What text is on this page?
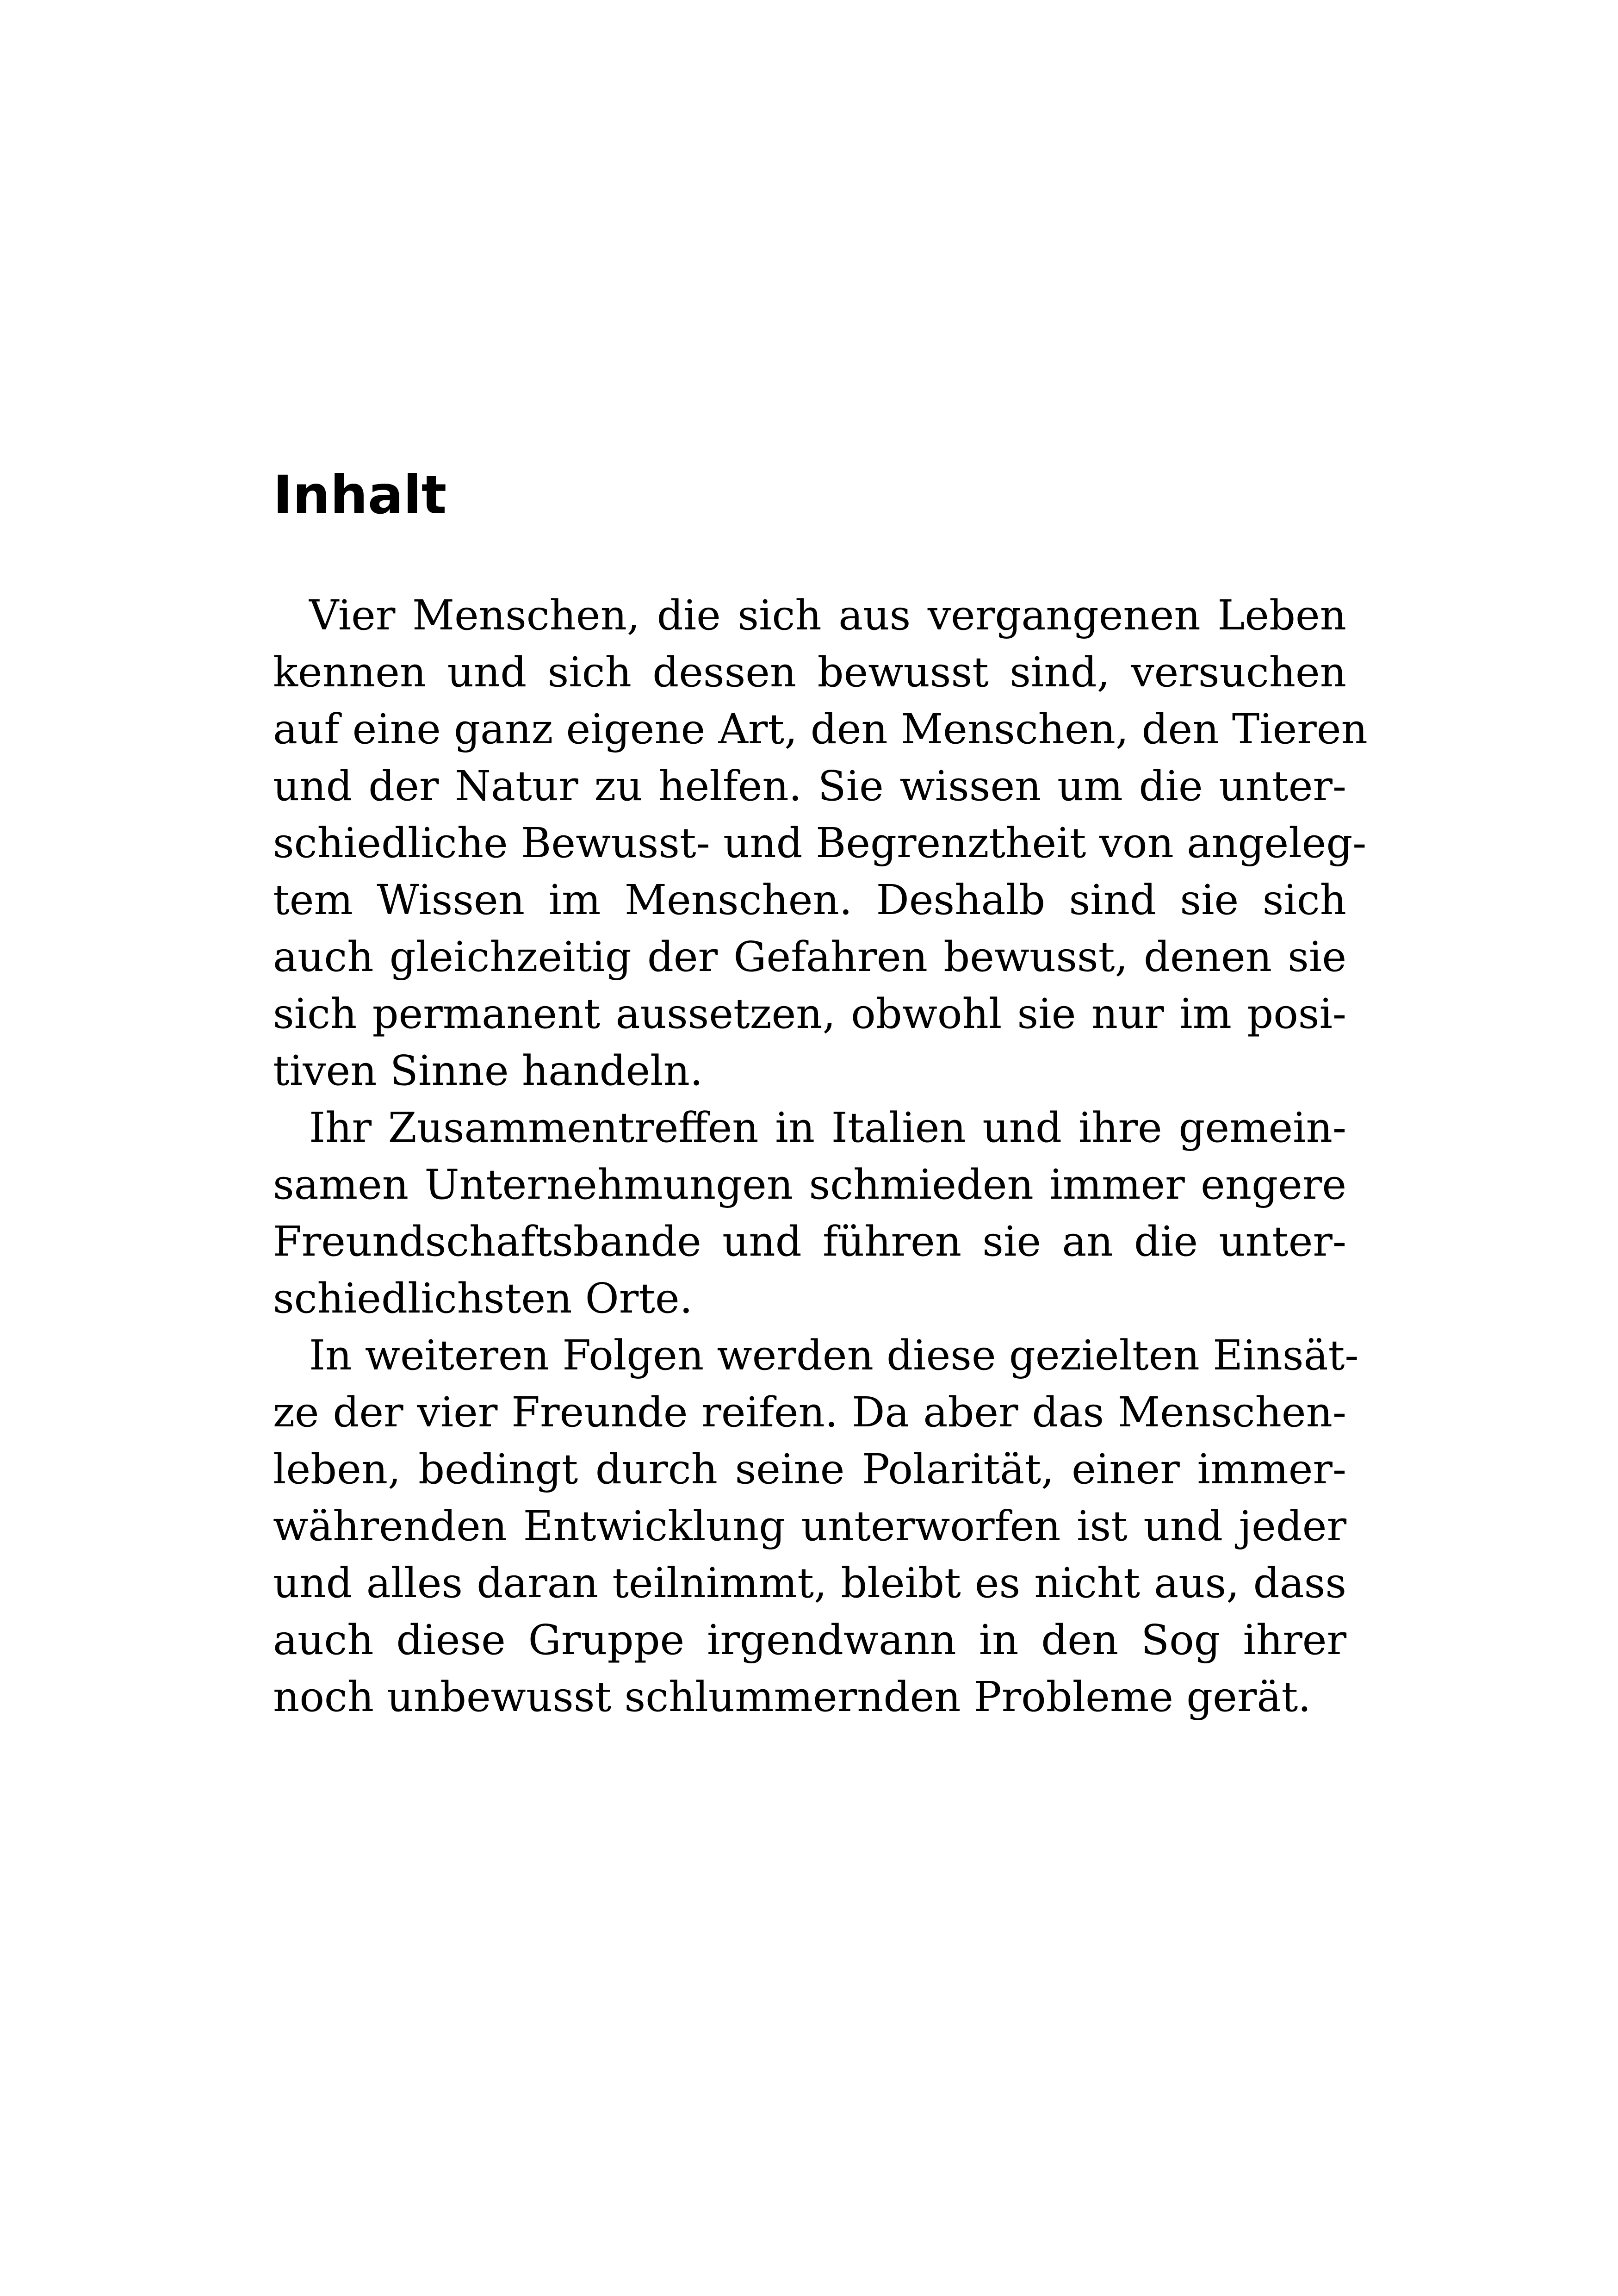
Inhalt
Vier Menschen, die sich aus vergangenen Leben
kennen und sich dessen bewusst sind, versuchen
auf eine ganz eigene Art, den Menschen, den Tieren
und der Natur zu helfen. Sie wissen um die unter-
schiedliche Bewusst- und Begrenztheit von angeleg-
tem Wissen im Menschen. Deshalb sind sie sich
auch gleichzeitig der Gefahren bewusst, denen sie
sich permanent aussetzen, obwohl sie nur im posi-
tiven Sinne handeln.
Ihr Zusammentreffen in Italien und ihre gemein-
samen Unternehmungen schmieden immer engere
Freundschaftsbande und führen sie an die unter-
schiedlichsten Orte.
In weiteren Folgen werden diese gezielten Einsät-
ze der vier Freunde reifen. Da aber das Menschen-
leben, bedingt durch seine Polarität, einer immer-
währenden Entwicklung unterworfen ist und jeder
und alles daran teilnimmt, bleibt es nicht aus, dass
auch diese Gruppe irgendwann in den Sog ihrer
noch unbewusst schlummernden Probleme gerät.
